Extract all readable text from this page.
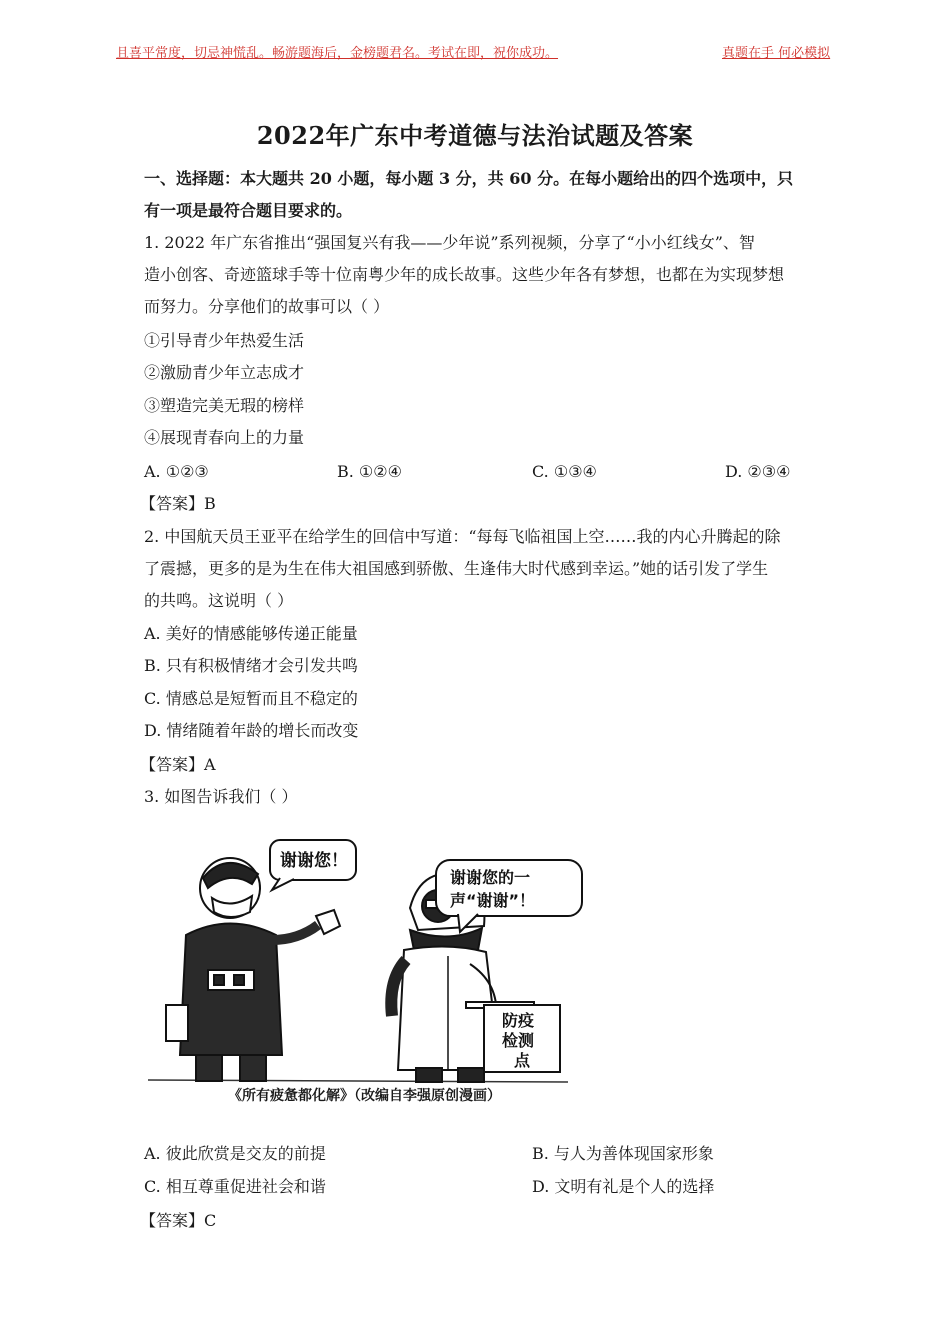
且喜平常度，切忌神慌乱。畅游题海后，金榜题君名。考试在即，祝你成功。	真题在手 何必模拟
2022年广东中考道德与法治试题及答案
一、选择题：本大题共 20 小题，每小题 3 分，共 60 分。在每小题给出的四个选项中，只
有一项是最符合题目要求的。
1. 2022 年广东省推出“强国复兴有我——少年说”系列视频，分享了“小小红线女”、智
造小创客、奇迹篮球手等十位南粤少年的成长故事。这些少年各有梦想，也都在为实现梦想
而努力。分享他们的故事可以（ ）
①引导青少年热爱生活
②激励青少年立志成才
③塑造完美无瑕的榜样
④展现青春向上的力量
A. ①②③	B. ①②④	C. ①③④	D. ②③④
【答案】B
2. 中国航天员王亚平在给学生的回信中写道：“每每飞临祖国上空……我的内心升腾起的除
了震撼，更多的是为生在伟大祖国感到骄傲、生逢伟大时代感到幸运。”她的话引发了学生
的共鸣。这说明（ ）
A. 美好的情感能够传递正能量
B. 只有积极情绪才会引发共鸣
C. 情感总是短暂而且不稳定的
D. 情绪随着年龄的增长而改变
【答案】A
3. 如图告诉我们（ ）
谢谢您！
谢谢您的一
声“谢谢”！
防疫
检测
点
《所有疲惫都化解》（改编自李强原创漫画）
A. 彼此欣赏是交友的前提	B. 与人为善体现国家形象
C. 相互尊重促进社会和谐	D. 文明有礼是个人的选择
【答案】C
